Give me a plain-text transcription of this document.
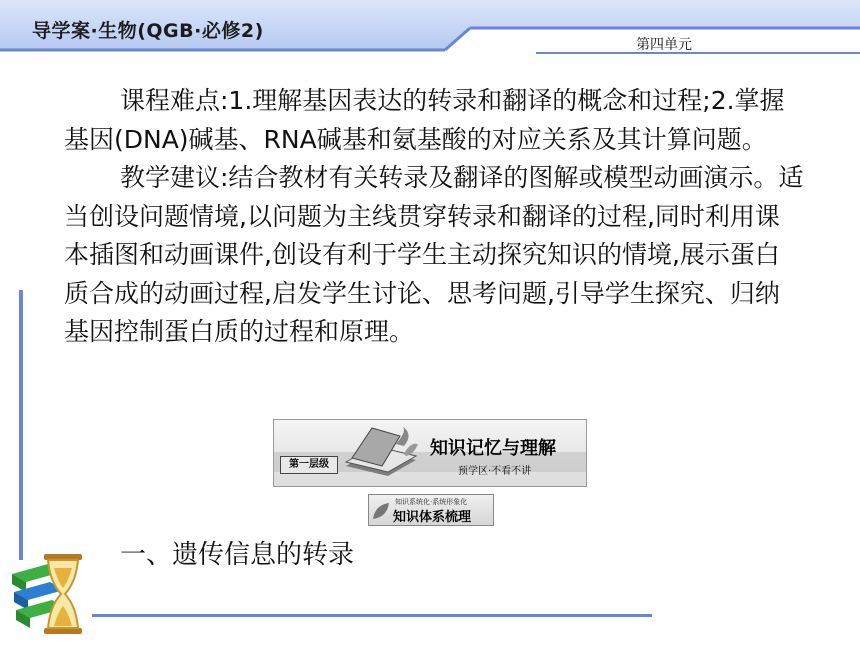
导学案·生物(QGB·必修2)
第四单元

课程难点:1.理解基因表达的转录和翻译的概念和过程;2.掌握基因(DNA)碱基、RNA碱基和氨基酸的对应关系及其计算问题。

教学建议:结合教材有关转录及翻译的图解或模型动画演示。适当创设问题情境,以问题为主线贯穿转录和翻译的过程,同时利用课本插图和动画课件,创设有利于学生主动探究知识的情境,展示蛋白质合成的动画过程,启发学生讨论、思考问题,引导学生探究、归纳基因控制蛋白质的过程和原理。

第一层级
知识记忆与理解
预学区·不看不讲
知识系统化·系统形象化
知识体系梳理
一、遗传信息的转录
